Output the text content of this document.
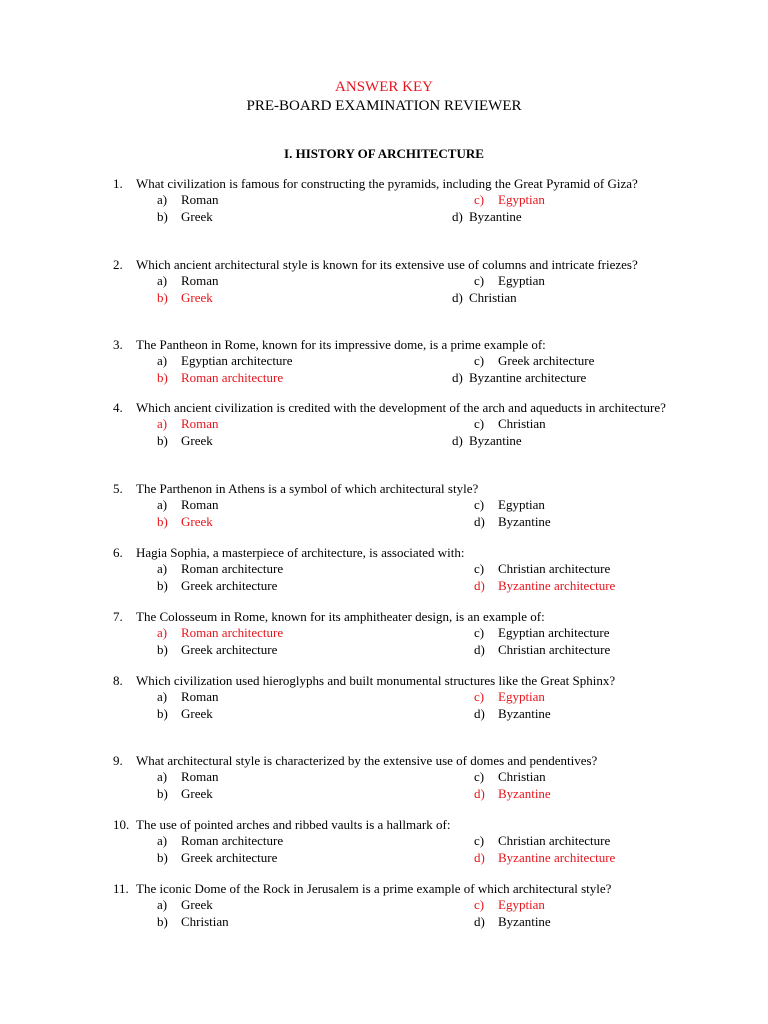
ANSWER KEY
PRE-BOARD EXAMINATION REVIEWER
I. HISTORY OF ARCHITECTURE
1. What civilization is famous for constructing the pyramids, including the Great Pyramid of Giza?
a) Roman
b) Greek
c) Egyptian
d) Byzantine
2. Which ancient architectural style is known for its extensive use of columns and intricate friezes?
a) Roman
b) Greek
c) Egyptian
d) Christian
3. The Pantheon in Rome, known for its impressive dome, is a prime example of:
a) Egyptian architecture
b) Roman architecture
c) Greek architecture
d) Byzantine architecture
4. Which ancient civilization is credited with the development of the arch and aqueducts in architecture?
a) Roman
b) Greek
c) Christian
d) Byzantine
5. The Parthenon in Athens is a symbol of which architectural style?
a) Roman
b) Greek
c) Egyptian
d) Byzantine
6. Hagia Sophia, a masterpiece of architecture, is associated with:
a) Roman architecture
b) Greek architecture
c) Christian architecture
d) Byzantine architecture
7. The Colosseum in Rome, known for its amphitheater design, is an example of:
a) Roman architecture
b) Greek architecture
c) Egyptian architecture
d) Christian architecture
8. Which civilization used hieroglyphs and built monumental structures like the Great Sphinx?
a) Roman
b) Greek
c) Egyptian
d) Byzantine
9. What architectural style is characterized by the extensive use of domes and pendentives?
a) Roman
b) Greek
c) Christian
d) Byzantine
10. The use of pointed arches and ribbed vaults is a hallmark of:
a) Roman architecture
b) Greek architecture
c) Christian architecture
d) Byzantine architecture
11. The iconic Dome of the Rock in Jerusalem is a prime example of which architectural style?
a) Greek
b) Christian
c) Egyptian
d) Byzantine
